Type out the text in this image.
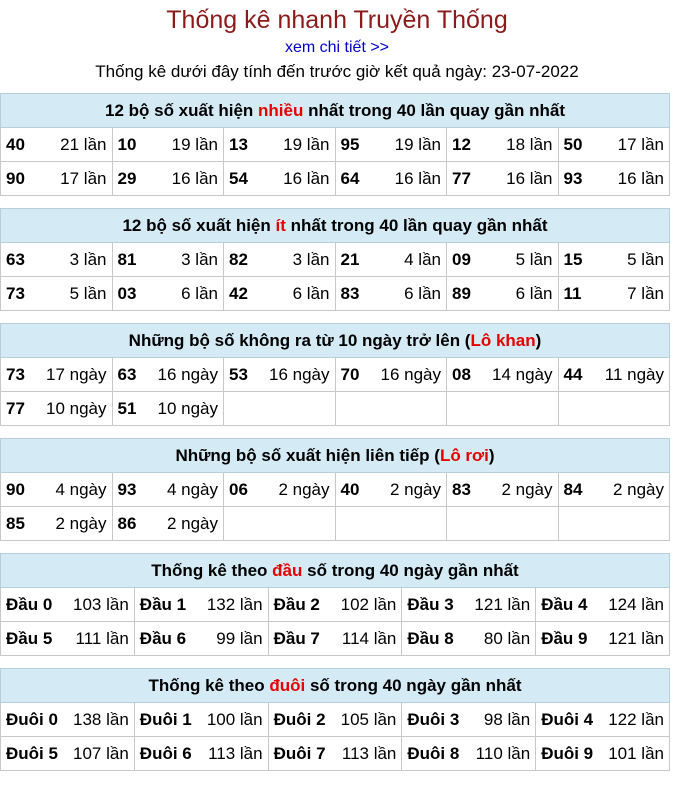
Thống kê nhanh Truyền Thống
xem chi tiết >>
Thống kê dưới đây tính đến trước giờ kết quả ngày: 23-07-2022
12 bộ số xuất hiện nhiều nhất trong 40 lần quay gần nhất					

40 21 lần	10 19 lần	13 19 lần	95 19 lần	12 18 lần	50 17 lần

90 17 lần	29 16 lần	54 16 lần	64 16 lần	77 16 lần	93 16 lần
12 bộ số xuất hiện ít nhất trong 40 lần quay gần nhất					

63 3 lần	81 3 lần	82 3 lần	21 4 lần	09 5 lần	15 5 lần

73 5 lần	03 6 lần	42 6 lần	83 6 lần	89 6 lần	11 7 lần
Những bộ số không ra từ 10 ngày trở lên (Lô khan)					

73 17 ngày	63 16 ngày	53 16 ngày	70 16 ngày	08 14 ngày	44 11 ngày

77 10 ngày	51 10 ngày				

Những bộ số xuất hiện liên tiếp (Lô rơi)					

90 4 ngày	93 4 ngày	06 2 ngày	40 2 ngày	83 2 ngày	84 2 ngày

85 2 ngày	86 2 ngày				

Thống kê theo đầu số trong 40 ngày gần nhất				

Đầu 0 103 lần	Đầu 1 132 lần	Đầu 2 102 lần	Đầu 3 121 lần	Đầu 4 124 lần

Đầu 5 111 lần	Đầu 6 99 lần	Đầu 7 114 lần	Đầu 8 80 lần	Đầu 9 121 lần
Thống kê theo đuôi số trong 40 ngày gần nhất				

Đuôi 0 138 lần	Đuôi 1 100 lần	Đuôi 2 105 lần	Đuôi 3 98 lần	Đuôi 4 122 lần

Đuôi 5 107 lần	Đuôi 6 113 lần	Đuôi 7 113 lần	Đuôi 8 110 lần	Đuôi 9 101 lần
